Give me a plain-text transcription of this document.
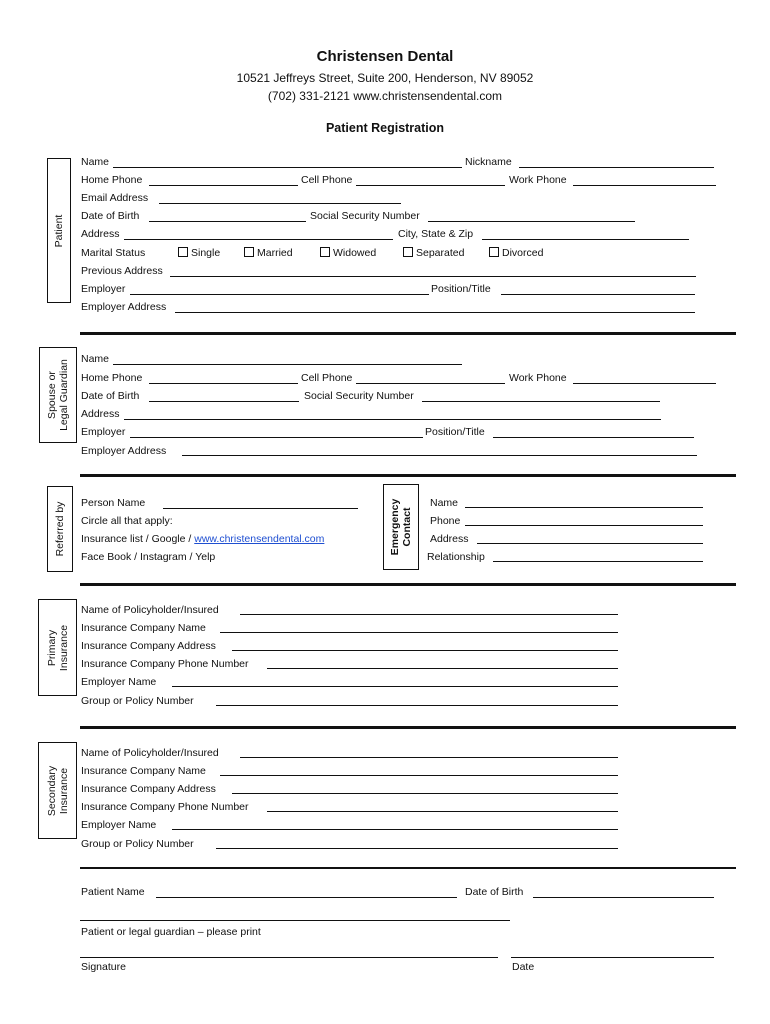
Christensen Dental
10521 Jeffreys Street, Suite 200, Henderson, NV 89052
(702) 331-2121 www.christensendental.com
Patient Registration
Patient
Name	Nickname
Home Phone	Cell Phone	Work Phone
Email Address
Date of Birth	Social Security Number
Address	City, State & Zip
Marital Status	Single	Married	Widowed	Separated	Divorced
Previous Address
Employer	Position/Title
Employer Address
Spouse or
Legal Guardian
Name
Home Phone	Cell Phone	Work Phone
Date of Birth	Social Security Number
Address
Employer	Position/Title
Employer Address
Referred by Person Name
Circle all that apply:
Insurance list / Google / www.christensendental.com
Face Book / Instagram / Yelp
Emergency
Contact
Name
Phone
Address
Relationship
Primary
Insurance
Name of Policyholder/Insured
Insurance Company Name
Insurance Company Address
Insurance Company Phone Number
Employer Name
Group or Policy Number
Secondary
Insurance
Name of Policyholder/Insured
Insurance Company Name
Insurance Company Address
Insurance Company Phone Number
Employer Name
Group or Policy Number
Patient Name	Date of Birth
Patient or legal guardian – please print
Signature	Date
